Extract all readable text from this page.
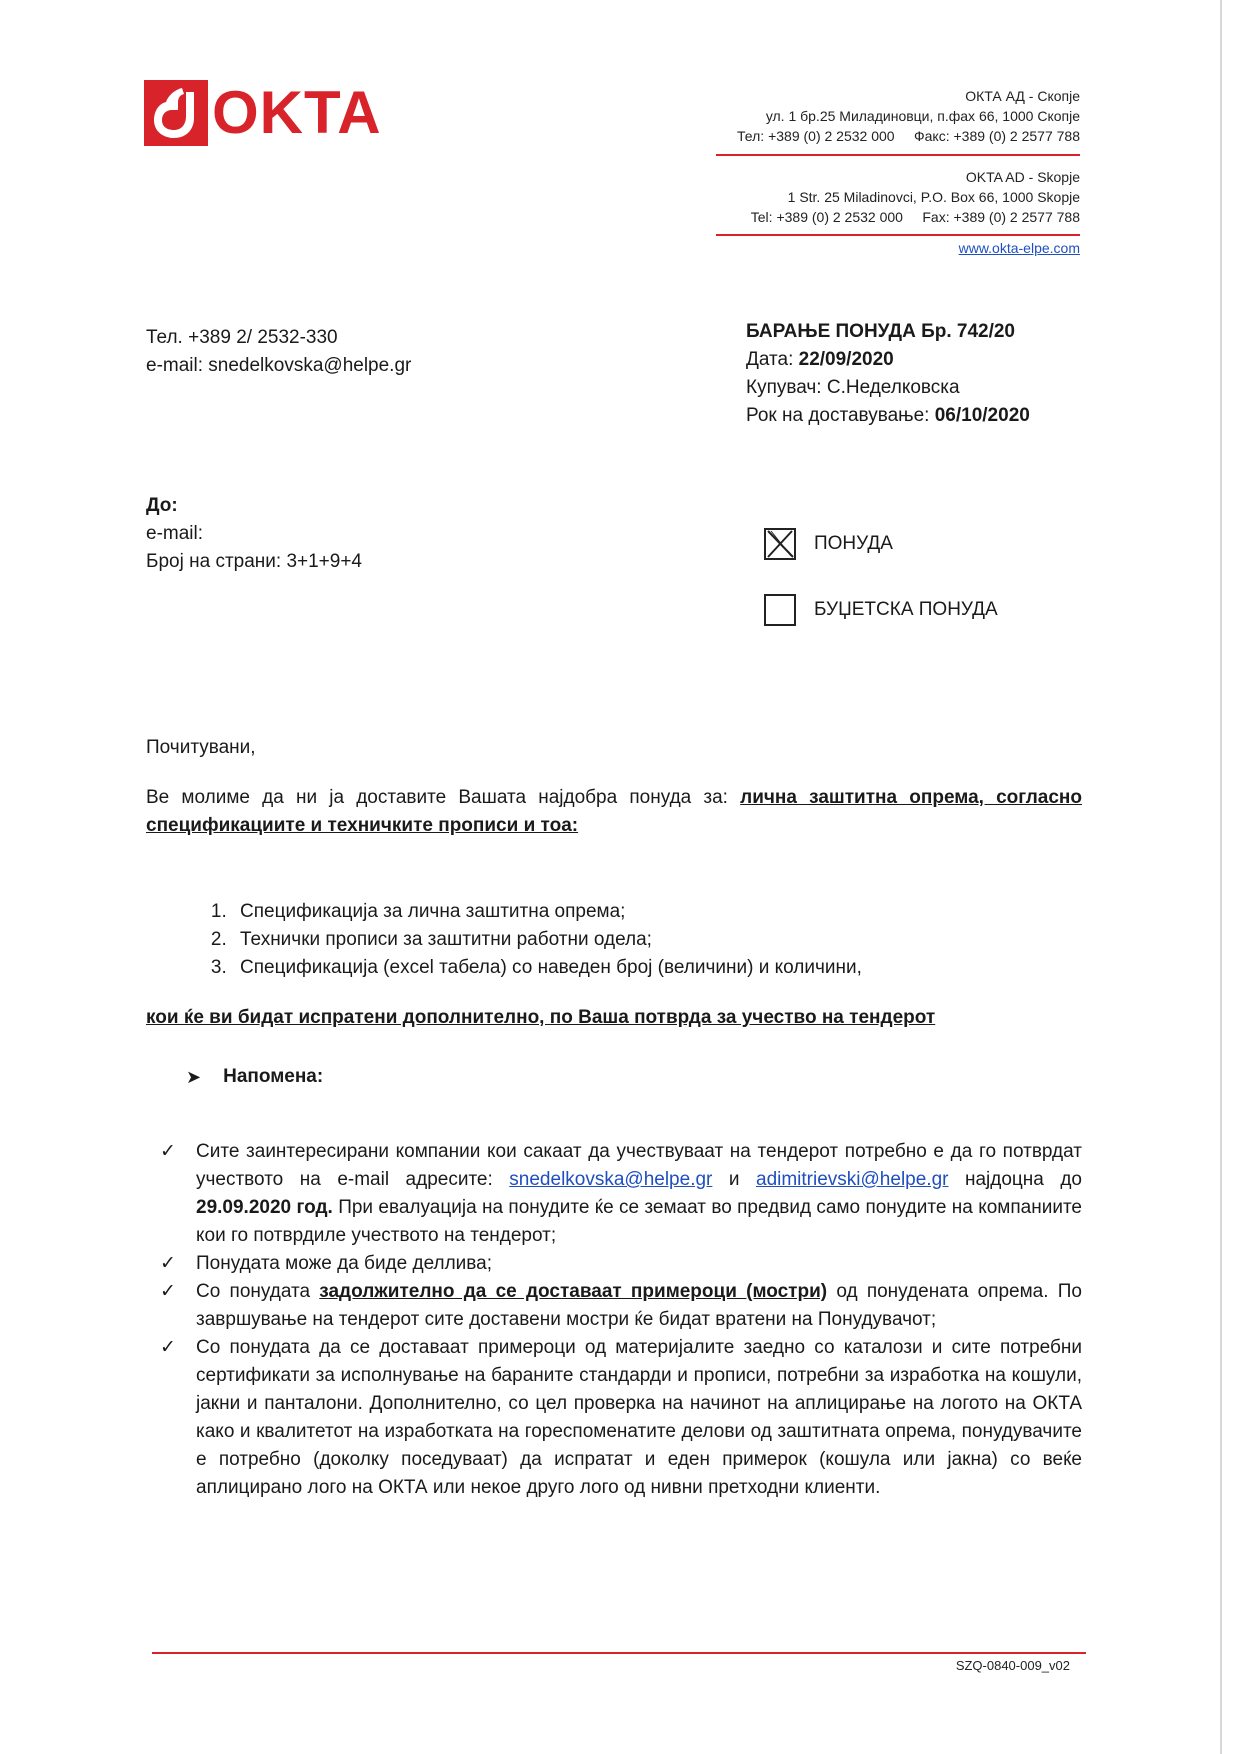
OKTA	ОКТА АД - Скопје
ул. 1 бр.25 Миладиновци, п.фах 66, 1000 Скопје
Тел: +389 (0) 2 2532 000     Факс: +389 (0) 2 2577 788
OKTA AD - Skopje
1 Str. 25 Miladinovci, P.O. Box 66, 1000 Skopje
Tel: +389 (0) 2 2532 000     Fax: +389 (0) 2 2577 788
www.okta-elpe.com
Тел. +389 2/ 2532-330
e-mail: snedelkovska@helpe.gr
БАРАЊЕ ПОНУДА Бр. 742/20
Дата: 22/09/2020
Купувач: С.Неделковска
Рок на доставување: 06/10/2020
До:
e-mail:
Број на страни: 3+1+9+4
ПОНУДА
БУЏЕТСКА ПОНУДА
Почитувани,
Ве молиме да ни ја доставите Вашата најдобра понуда за: лична заштитна опрема, согласно спецификациите и техничките прописи и тоа:
1. Спецификација за лична заштитна опрема;
2. Технички прописи за заштитни работни одела;
3. Спецификација (excel табела) со наведен број (величини) и количини,
кои ќе ви бидат испратени дополнително, по Ваша потврда за учество на тендерот
➤ Напомена:
✓	Сите заинтересирани компании кои сакаат да учествуваат на тендерот потребно е да го потврдат учеството на e-mail адресите: snedelkovska@helpe.gr и adimitrievski@helpe.gr најдоцна до 29.09.2020 год. При евалуација на понудите ќе се земаат во предвид само понудите на компаниите кои го потврдиле учеството на тендерот;
✓	Понудата може да биде деллива;
✓	Со понудата задолжително да се доставаат примероци (мостри) од понудената опрема. По завршување на тендерот сите доставени мостри ќе бидат вратени на Понудувачот;
✓	Со понудата да се доставаат примероци од материјалите заедно со каталози и сите потребни сертификати за исполнување на бараните стандарди и прописи, потребни за изработка на кошули, јакни и панталони. Дополнително, со цел проверка на начинот на аплицирање на логото на ОКТА како и квалитетот на изработката на гореспоменатите делови од заштитната опрема, понудувачите е потребно (доколку поседуваат) да испратат и еден примерок (кошула или јакна) со веќе аплицирано лого на ОКТА или некое друго лого од нивни претходни клиенти.
SZQ-0840-009_v02
